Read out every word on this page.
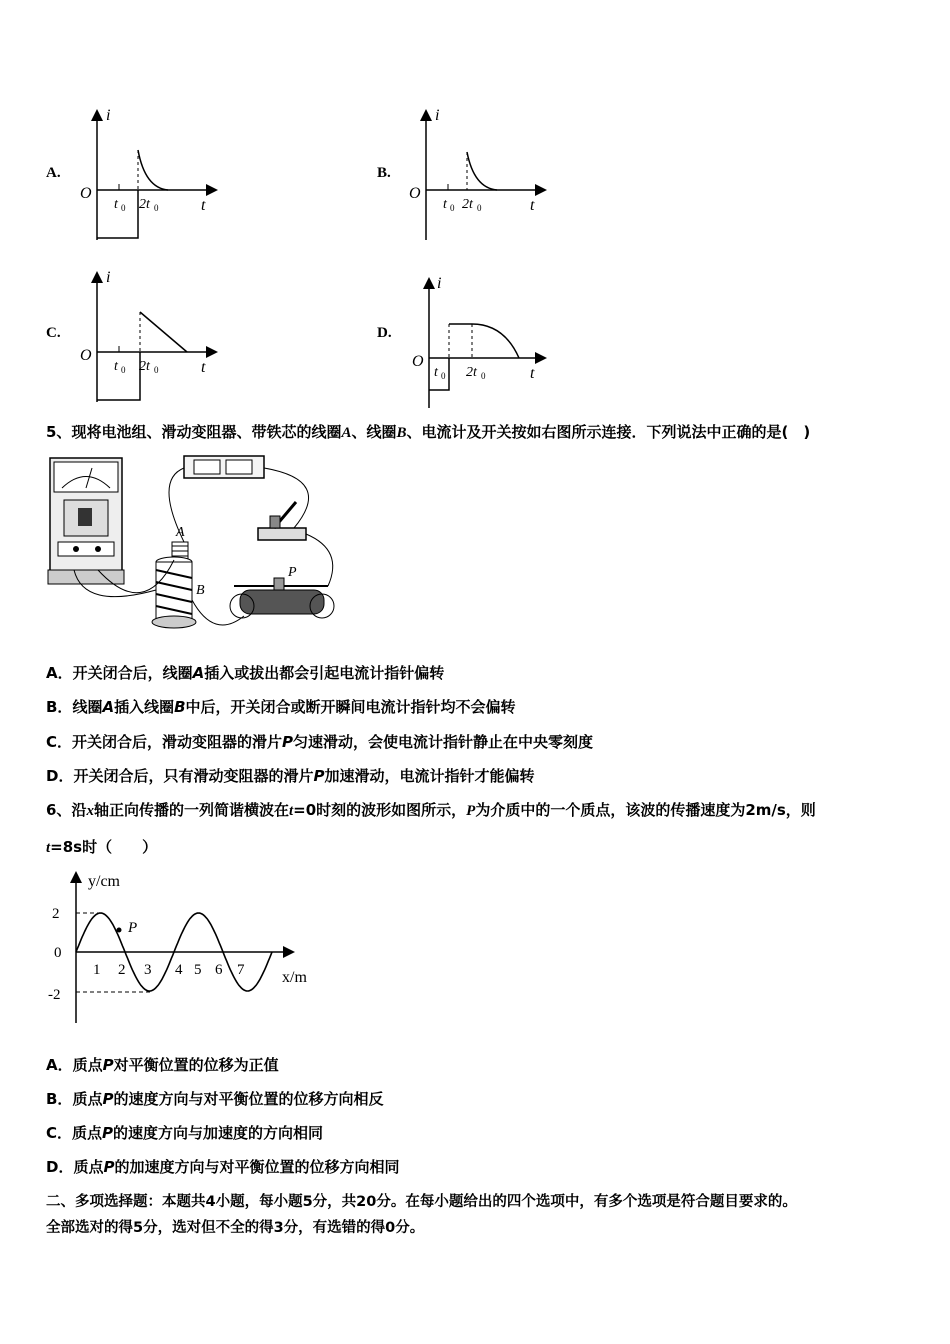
A.
i
O
t
t 0 2t 0
B.
i
O
t
t 0 2t 0
C.
i
O
t
t 0 2t 0
D.
i
O
t
t 0 2t 0
5、现将电池组、滑动变阻器、带铁芯的线圈A、线圈B、电流计及开关按如右图所示连接．下列说法中正确的是(　)
A
B
P
A．开关闭合后，线圈A插入或拔出都会引起电流计指针偏转
B．线圈A插入线圈B中后，开关闭合或断开瞬间电流计指针均不会偏转
C．开关闭合后，滑动变阻器的滑片P匀速滑动，会使电流计指针静止在中央零刻度
D．开关闭合后，只有滑动变阻器的滑片P加速滑动，电流计指针才能偏转
6、沿x轴正向传播的一列简谐横波在t=0时刻的波形如图所示，P为介质中的一个质点，该波的传播速度为2m/s，则
t=8s时（　　）
y/cm
x/m
2
0
-2
1 2 3 4 5 6 7
P
A．质点P对平衡位置的位移为正值
B．质点P的速度方向与对平衡位置的位移方向相反
C．质点P的速度方向与加速度的方向相同
D．质点P的加速度方向与对平衡位置的位移方向相同
二、多项选择题：本题共4小题，每小题5分，共20分。在每小题给出的四个选项中，有多个选项是符合题目要求的。
全部选对的得5分，选对但不全的得3分，有选错的得0分。
